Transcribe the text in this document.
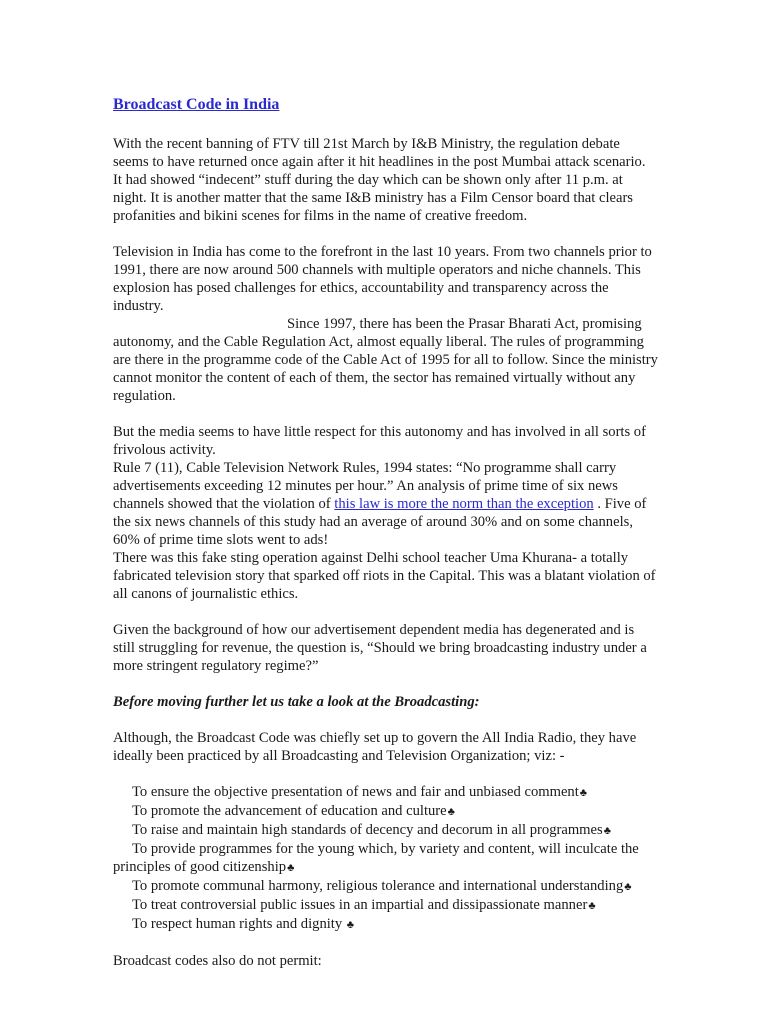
Broadcast Code in India

With the recent banning of FTV till 21st March by I&B Ministry, the regulation debate seems to have returned once again after it hit headlines in the post Mumbai attack scenario. It had showed “indecent” stuff during the day which can be shown only after 11 p.m. at night. It is another matter that the same I&B ministry has a Film Censor board that clears profanities and bikini scenes for films in the name of creative freedom.

Television in India has come to the forefront in the last 10 years. From two channels prior to 1991, there are now around 500 channels with multiple operators and niche channels. This explosion has posed challenges for ethics, accountability and transparency across the industry.

Since 1997, there has been the Prasar Bharati Act, promising autonomy, and the Cable Regulation Act, almost equally liberal. The rules of programming are there in the programme code of the Cable Act of 1995 for all to follow. Since the ministry cannot monitor the content of each of them, the sector has remained virtually without any regulation.

But the media seems to have little respect for this autonomy and has involved in all sorts of frivolous activity.

Rule 7 (11), Cable Television Network Rules, 1994 states: “No programme shall carry advertisements exceeding 12 minutes per hour.” An analysis of prime time of six news channels showed that the violation of this law is more the norm than the exception . Five of the six news channels of this study had an average of around 30% and on some channels, 60% of prime time slots went to ads!

There was this fake sting operation against Delhi school teacher Uma Khurana- a totally fabricated television story that sparked off riots in the Capital. This was a blatant violation of all canons of journalistic ethics.

Given the background of how our advertisement dependent media has degenerated and is still struggling for revenue, the question is, “Should we bring broadcasting industry under a more stringent regulatory regime?”

Before moving further let us take a look at the Broadcasting:

Although, the Broadcast Code was chiefly set up to govern the All India Radio, they have ideally been practiced by all Broadcasting and Television Organization; viz: -

To ensure the objective presentation of news and fair and unbiased comment♣
To promote the advancement of education and culture♣
To raise and maintain high standards of decency and decorum in all programmes♣
To provide programmes for the young which, by variety and content, will inculcate the principles of good citizenship♣
To promote communal harmony, religious tolerance and international understanding♣
To treat controversial public issues in an impartial and dissipassionate manner♣
To respect human rights and dignity ♣

Broadcast codes also do not permit:
